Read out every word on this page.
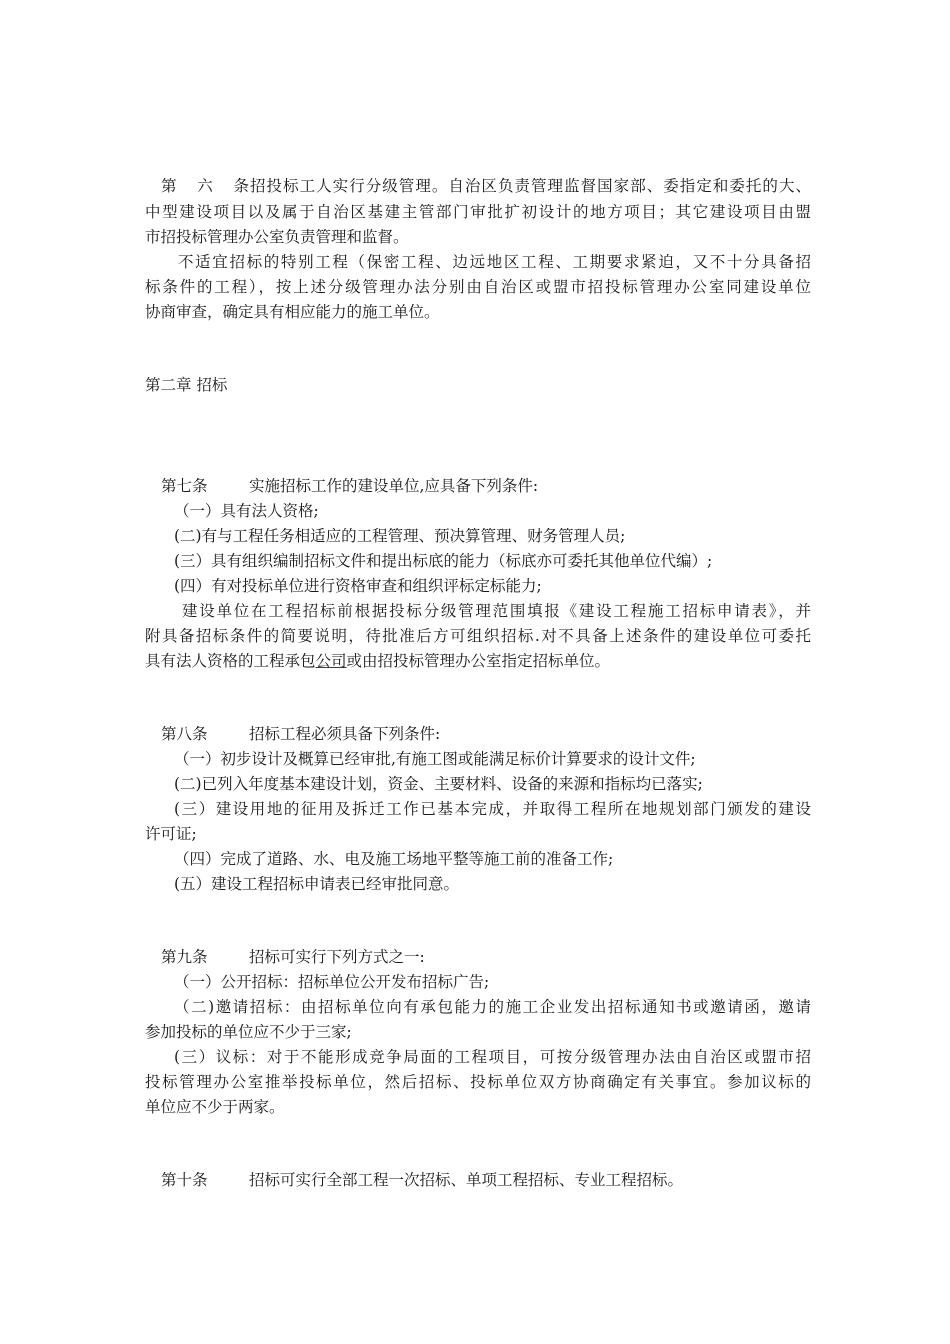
第六条招投标工人实行分级管理。自治区负责管理监督国家部、委指定和委托的大、
中型建设项目以及属于自治区基建主管部门审批扩初设计的地方项目；其它建设项目由盟
市招投标管理办公室负责管理和监督。
不适宜招标的特别工程（保密工程、边远地区工程、工期要求紧迫，又不十分具备招
标条件的工程），按上述分级管理办法分别由自治区或盟市招投标管理办公室同建设单位
协商审查，确定具有相应能力的施工单位。
第二章 招标
第七条	实施招标工作的建设单位,应具备下列条件:
（一）具有法人资格;
(二)有与工程任务相适应的工程管理、预决算管理、财务管理人员;
(三）具有组织编制招标文件和提出标底的能力（标底亦可委托其他单位代编）;
(四）有对投标单位进行资格审查和组织评标定标能力;
建设单位在工程招标前根据投标分级管理范围填报《建设工程施工招标申请表》，并
附具备招标条件的简要说明，待批准后方可组织招标.对不具备上述条件的建设单位可委托
具有法人资格的工程承包公司或由招投标管理办公室指定招标单位。
第八条	招标工程必须具备下列条件:
（一）初步设计及概算已经审批,有施工图或能满足标价计算要求的设计文件;
(二)已列入年度基本建设计划，资金、主要材料、设备的来源和指标均已落实;
(三）建设用地的征用及拆迁工作已基本完成，并取得工程所在地规划部门颁发的建设
许可证;
（四）完成了道路、水、电及施工场地平整等施工前的准备工作;
(五）建设工程招标申请表已经审批同意。
第九条	招标可实行下列方式之一:
（一）公开招标：招标单位公开发布招标广告;
（二)邀请招标：由招标单位向有承包能力的施工企业发出招标通知书或邀请函，邀请
参加投标的单位应不少于三家;
(三）议标：对于不能形成竞争局面的工程项目，可按分级管理办法由自治区或盟市招
投标管理办公室推举投标单位，然后招标、投标单位双方协商确定有关事宜。参加议标的
单位应不少于两家。
第十条	招标可实行全部工程一次招标、单项工程招标、专业工程招标。
